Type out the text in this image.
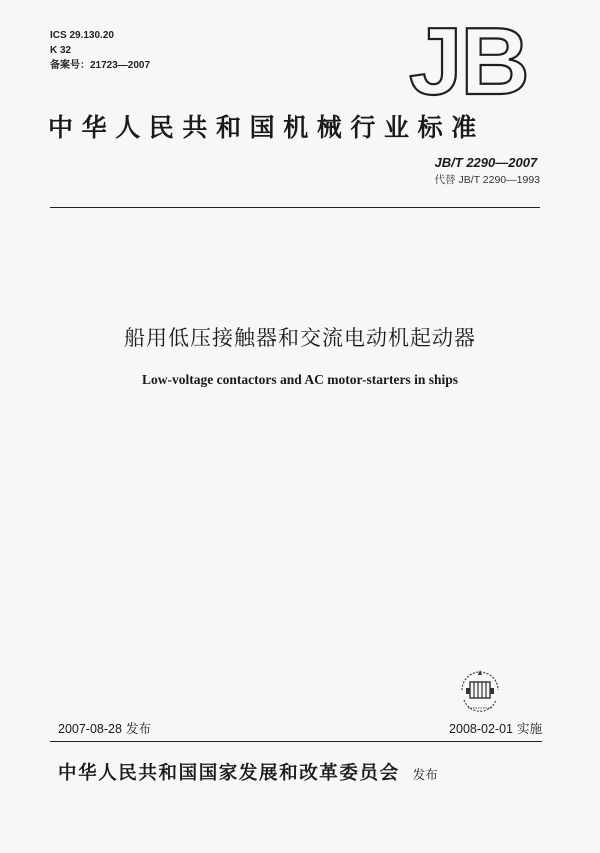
ICS 29.130.20
K 32
备案号：21723—2007	JB
中华人民共和国机械行业标准
JB/T 2290—2007
代替 JB/T 2290—1993
船用低压接触器和交流电动机起动器
Low-voltage contactors and AC motor-starters in ships
2007-08-28 发布	2008-02-01 实施
中华人民共和国国家发展和改革委员会 发布
